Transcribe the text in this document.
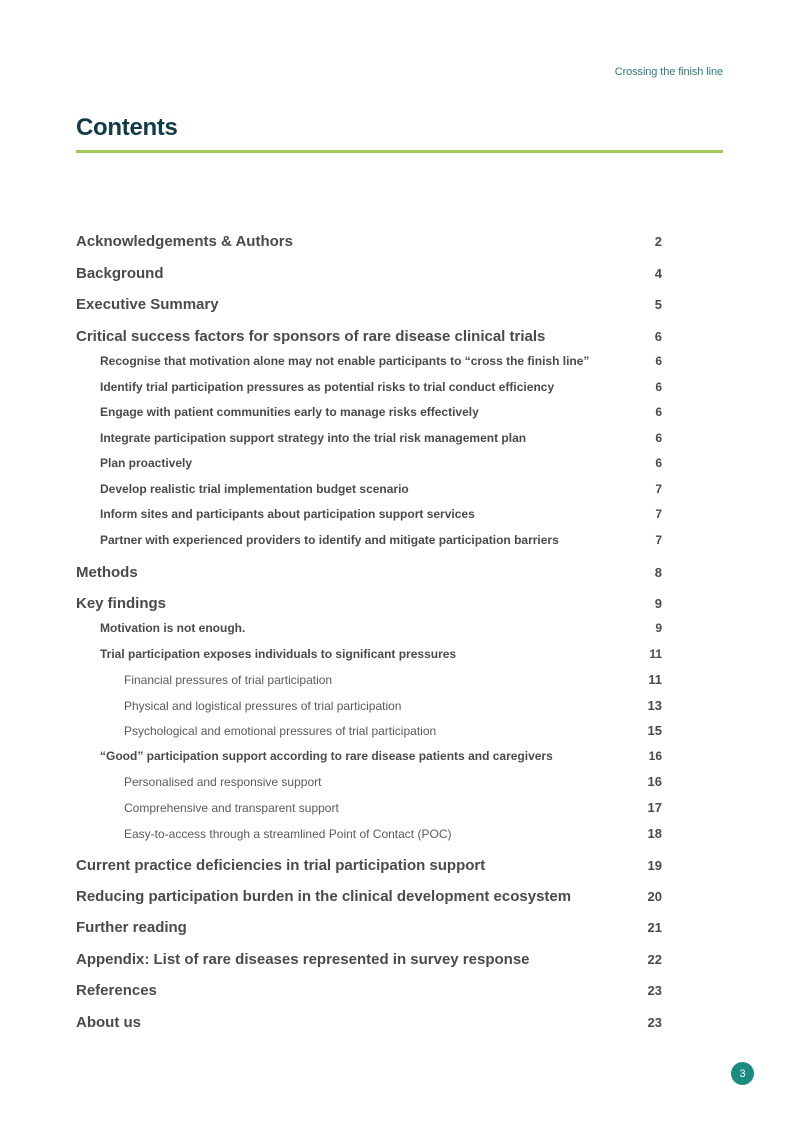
Crossing the finish line
Contents
Acknowledgements & Authors	2
Background	4
Executive Summary	5
Critical success factors for sponsors of rare disease clinical trials	6
Recognise that motivation alone may not enable participants to “cross the finish line”	6
Identify trial participation pressures as potential risks to trial conduct efficiency	6
Engage with patient communities early to manage risks effectively	6
Integrate participation support strategy into the trial risk management plan	6
Plan proactively	6
Develop realistic trial implementation budget scenario	7
Inform sites and participants about participation support services	7
Partner with experienced providers to identify and mitigate participation barriers	7
Methods	8
Key findings	9
Motivation is not enough.	9
Trial participation exposes individuals to significant pressures	11
Financial pressures of trial participation	11
Physical and logistical pressures of trial participation	13
Psychological and emotional pressures of trial participation	15
“Good” participation support according to rare disease patients and caregivers	16
Personalised and responsive support	16
Comprehensive and transparent support	17
Easy-to-access through a streamlined Point of Contact (POC)	18
Current practice deficiencies in trial participation support	19
Reducing participation burden in the clinical development ecosystem	20
Further reading	21
Appendix: List of rare diseases represented in survey response	22
References	23
About us	23
3
